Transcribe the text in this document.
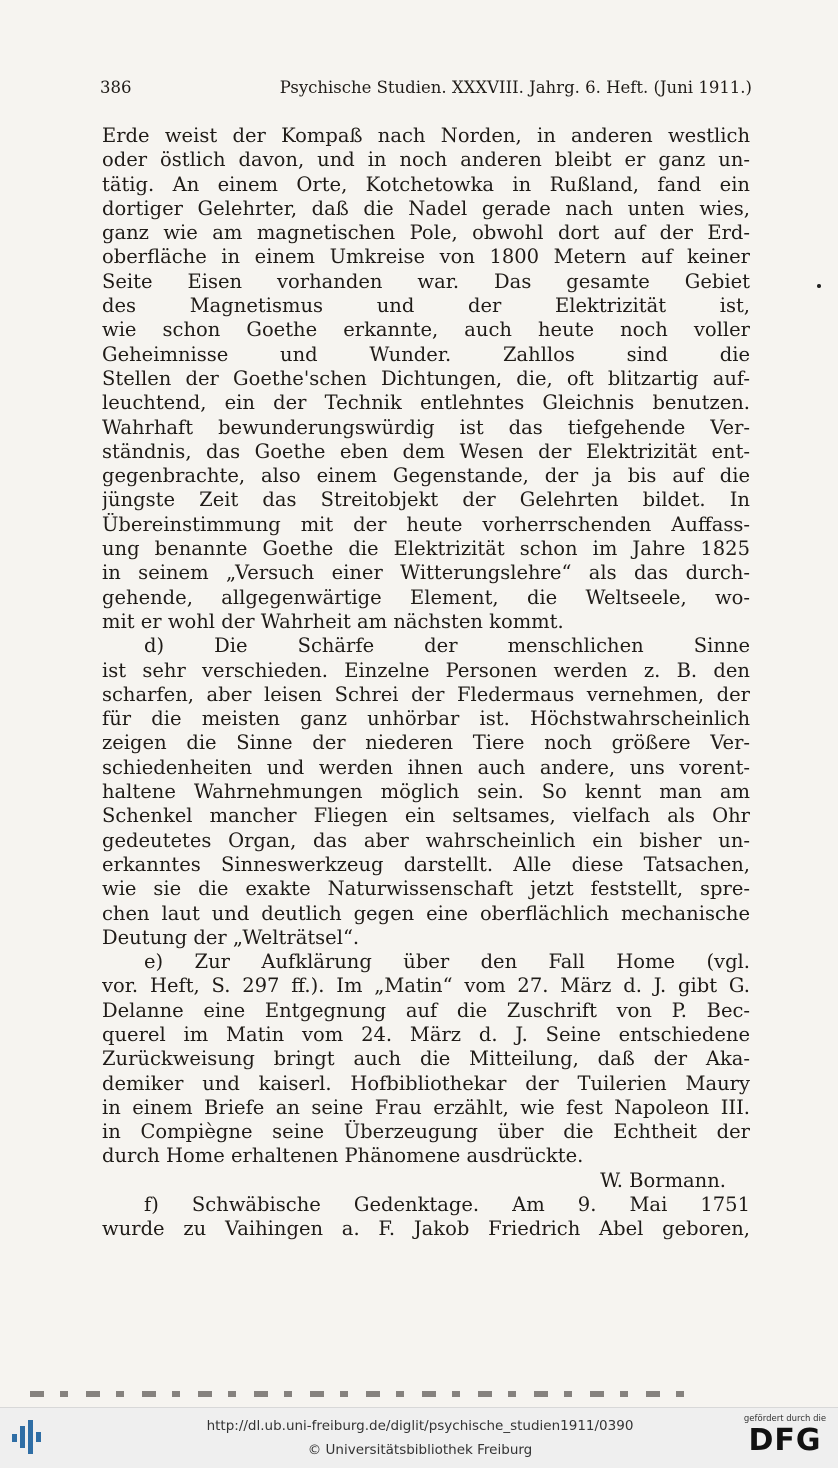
386	Psychische Studien. XXXVIII. Jahrg. 6. Heft. (Juni 1911.)
Erde weist der Kompaß nach Norden, in anderen westlich
oder östlich davon, und in noch anderen bleibt er ganz un-
tätig. An einem Orte, Kotchetowka in Rußland, fand ein
dortiger Gelehrter, daß die Nadel gerade nach unten wies,
ganz wie am magnetischen Pole, obwohl dort auf der Erd-
oberfläche in einem Umkreise von 1800 Metern auf keiner
Seite Eisen vorhanden war. Das gesamte Gebiet
des Magnetismus und der Elektrizität ist,
wie schon Goethe erkannte, auch heute noch voller
Geheimnisse und Wunder. Zahllos sind die
Stellen der Goethe'schen Dichtungen, die, oft blitzartig auf-
leuchtend, ein der Technik entlehntes Gleichnis benutzen.
Wahrhaft bewunderungswürdig ist das tiefgehende Ver-
ständnis, das Goethe eben dem Wesen der Elektrizität ent-
gegenbrachte, also einem Gegenstande, der ja bis auf die
jüngste Zeit das Streitobjekt der Gelehrten bildet. In
Übereinstimmung mit der heute vorherrschenden Auffass-
ung benannte Goethe die Elektrizität schon im Jahre 1825
in seinem „Versuch einer Witterungslehre“ als das durch-
gehende, allgegenwärtige Element, die Weltseele, wo-
mit er wohl der Wahrheit am nächsten kommt.
d) Die Schärfe der menschlichen Sinne
ist sehr verschieden. Einzelne Personen werden z. B. den
scharfen, aber leisen Schrei der Fledermaus vernehmen, der
für die meisten ganz unhörbar ist. Höchstwahrscheinlich
zeigen die Sinne der niederen Tiere noch größere Ver-
schiedenheiten und werden ihnen auch andere, uns vorent-
haltene Wahrnehmungen möglich sein. So kennt man am
Schenkel mancher Fliegen ein seltsames, vielfach als Ohr
gedeutetes Organ, das aber wahrscheinlich ein bisher un-
erkanntes Sinneswerkzeug darstellt. Alle diese Tatsachen,
wie sie die exakte Naturwissenschaft jetzt feststellt, spre-
chen laut und deutlich gegen eine oberflächlich mechanische
Deutung der „Welträtsel“.
e) Zur Aufklärung über den Fall Home (vgl.
vor. Heft, S. 297 ff.). Im „Matin“ vom 27. März d. J. gibt G.
Delanne eine Entgegnung auf die Zuschrift von P. Bec-
querel im Matin vom 24. März d. J. Seine entschiedene
Zurückweisung bringt auch die Mitteilung, daß der Aka-
demiker und kaiserl. Hofbibliothekar der Tuilerien Maury
in einem Briefe an seine Frau erzählt, wie fest Napoleon III.
in Compiègne seine Überzeugung über die Echtheit der
durch Home erhaltenen Phänomene ausdrückte.
W. Bormann.
f) Schwäbische Gedenktage. Am 9. Mai 1751
wurde zu Vaihingen a. F. Jakob Friedrich Abel geboren,
http://dl.ub.uni-freiburg.de/diglit/psychische_studien1911/0390
© Universitätsbibliothek Freiburg
gefördert durch die
DFG
